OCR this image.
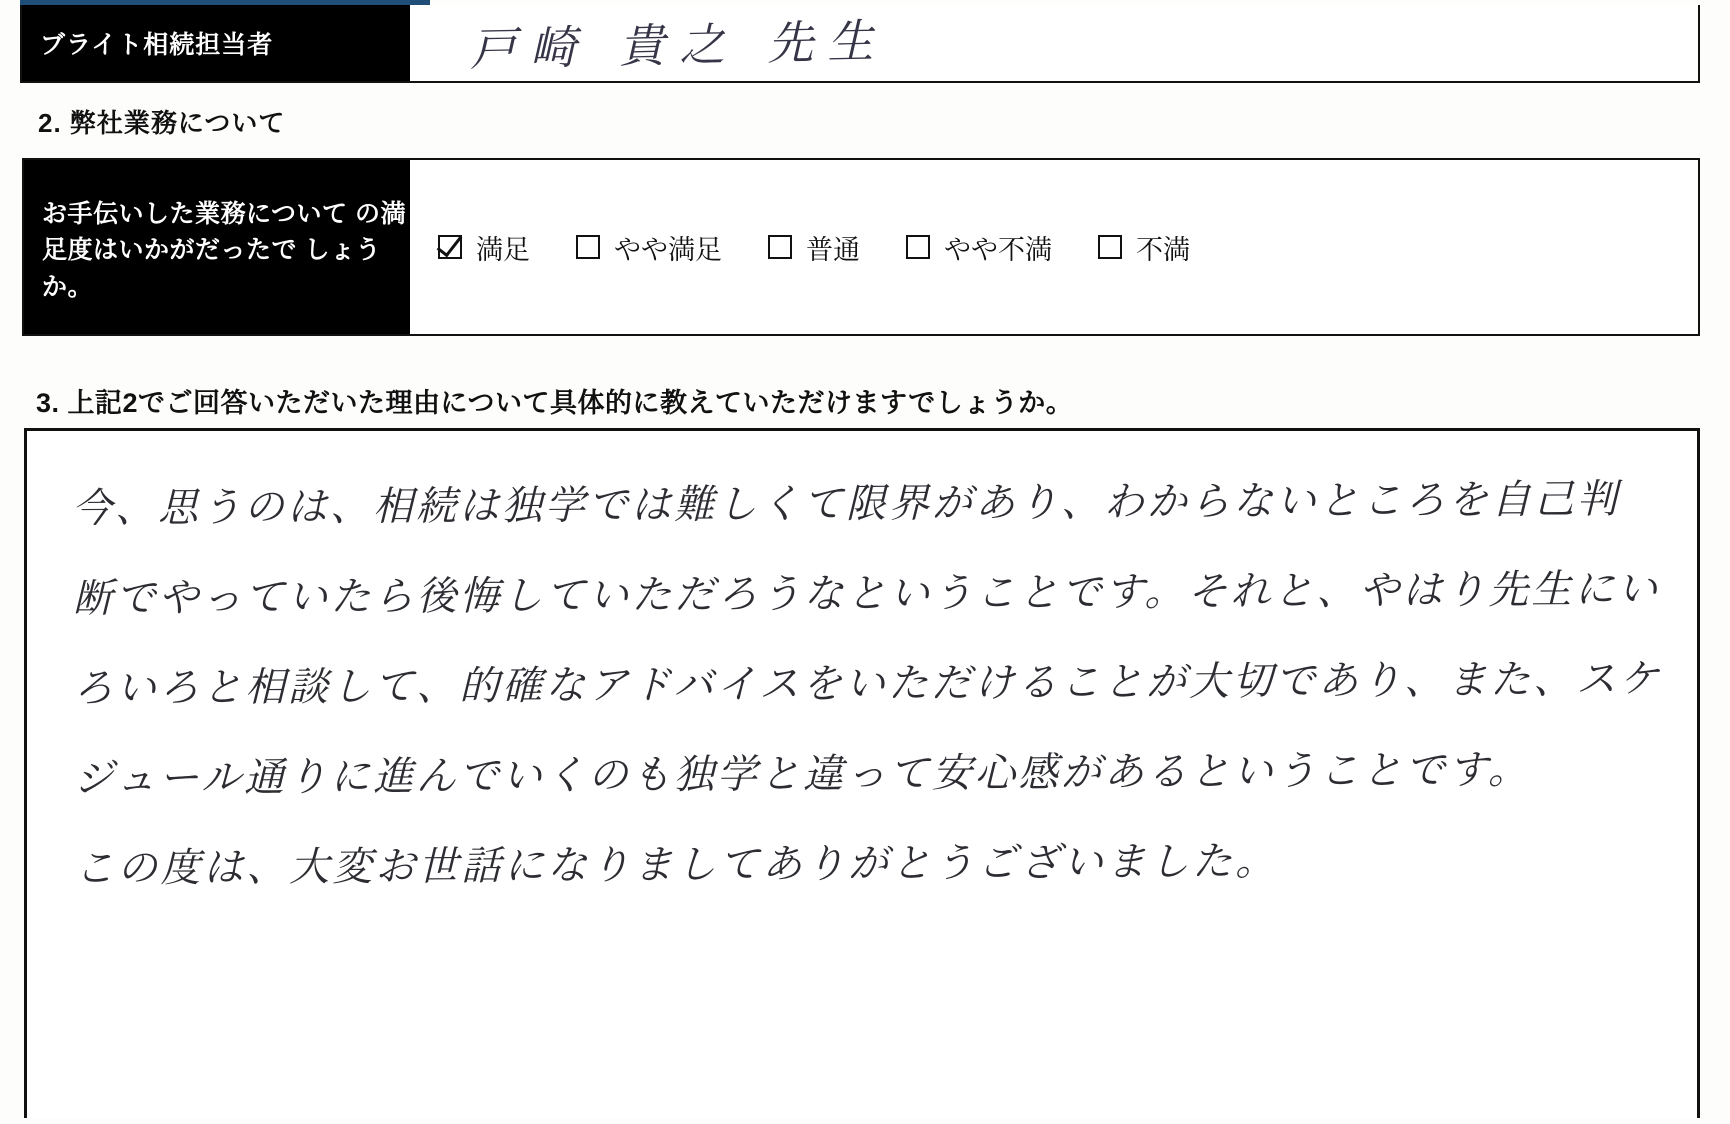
ブライト相続担当者	戸崎 貴之 先生
2. 弊社業務について
お手伝いした業務について の満足度はいかがだったで しょうか。
満足	やや満足	普通	やや不満	不満
3. 上記2でご回答いただいた理由について具体的に教えていただけますでしょうか。
今、思うのは、相続は独学では難しくて限界があり、わからないところを自己判断でやっていたら後悔していただろうなということです。それと、やはり先生にいろいろと相談して、的確なアドバイスをいただけることが大切であり、また、スケジュール通りに進んでいくのも独学と違って安心感があるということです。
この度は、大変お世話になりましてありがとうございました。
